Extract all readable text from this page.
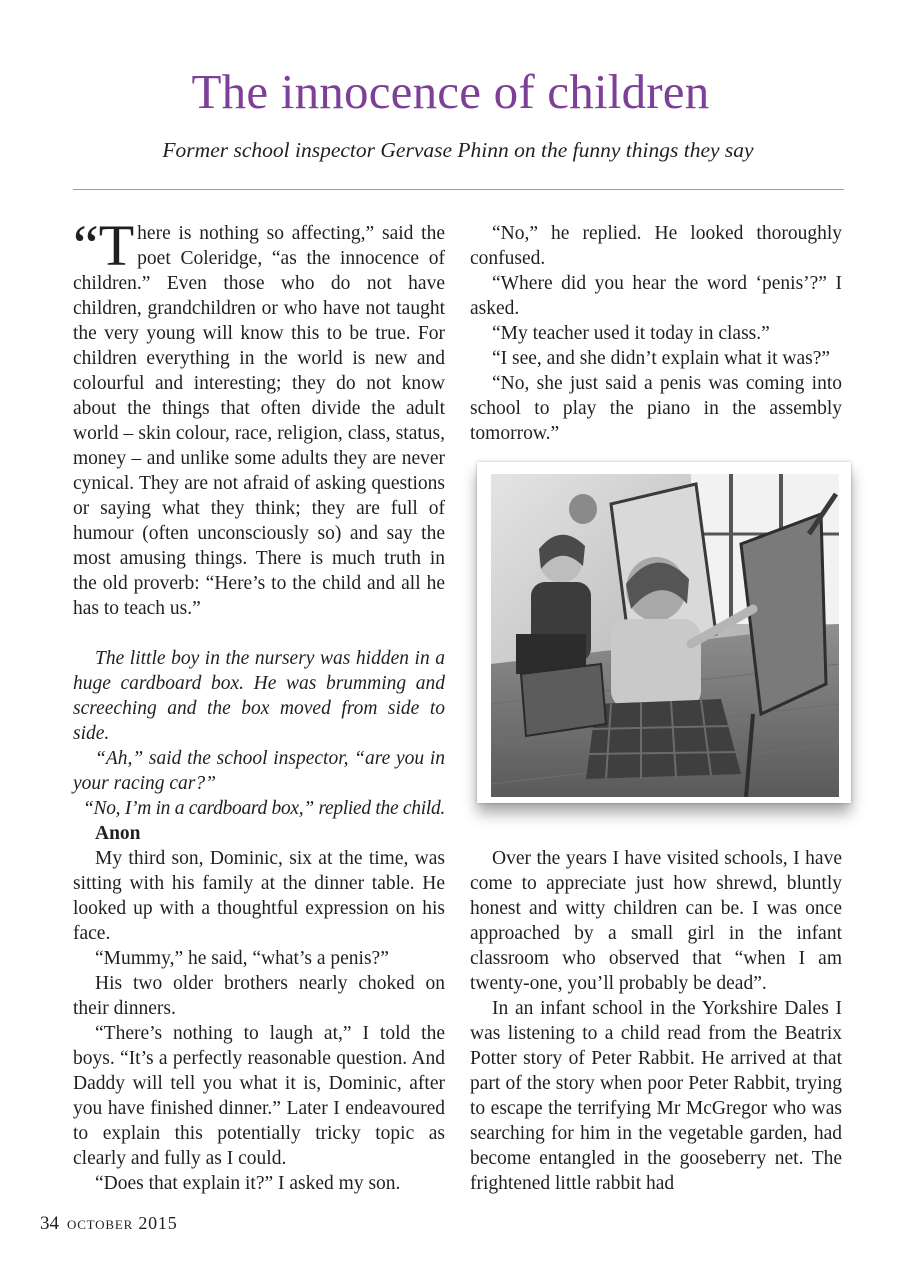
The innocence of children
Former school inspector Gervase Phinn on the funny things they say

“There is nothing so affecting,” said the poet Coleridge, “as the innocence of children.” Even those who do not have children, grandchildren or who have not taught the very young will know this to be true. For children everything in the world is new and colourful and interesting; they do not know about the things that often divide the adult world – skin colour, race, religion, class, status, money – and unlike some adults they are never cynical. They are not afraid of asking questions or saying what they think; they are full of humour (often unconsciously so) and say the most amusing things. There is much truth in the old proverb: “Here’s to the child and all he has to teach us.”

The little boy in the nursery was hidden in a huge cardboard box. He was brumming and screeching and the box moved from side to side.

“Ah,” said the school inspector, “are you in your racing car?”

“No, I’m in a cardboard box,” replied the child.

Anon

My third son, Dominic, six at the time, was sitting with his family at the dinner table. He looked up with a thoughtful expression on his face.

“Mummy,” he said, “what’s a penis?”

His two older brothers nearly choked on their dinners.

“There’s nothing to laugh at,” I told the boys. “It’s a perfectly reasonable question. And Daddy will tell you what it is, Dominic, after you have finished dinner.” Later I endeavoured to explain this potentially tricky topic as clearly and fully as I could.

“Does that explain it?” I asked my son.

“No,” he replied. He looked thoroughly confused.

“Where did you hear the word ‘penis’?” I asked.

“My teacher used it today in class.”

“I see, and she didn’t explain what it was?”

“No, she just said a penis was coming into school to play the piano in the assembly tomorrow.”

Over the years I have visited schools, I have come to appreciate just how shrewd, bluntly honest and witty children can be. I was once approached by a small girl in the infant classroom who observed that “when I am twenty-one, you’ll probably be dead”.

In an infant school in the Yorkshire Dales I was listening to a child read from the Beatrix Potter story of Peter Rabbit. He arrived at that part of the story when poor Peter Rabbit, trying to escape the terrifying Mr McGregor who was searching for him in the vegetable garden, had become entangled in the gooseberry net. The frightened little rabbit had

34 october 2015
